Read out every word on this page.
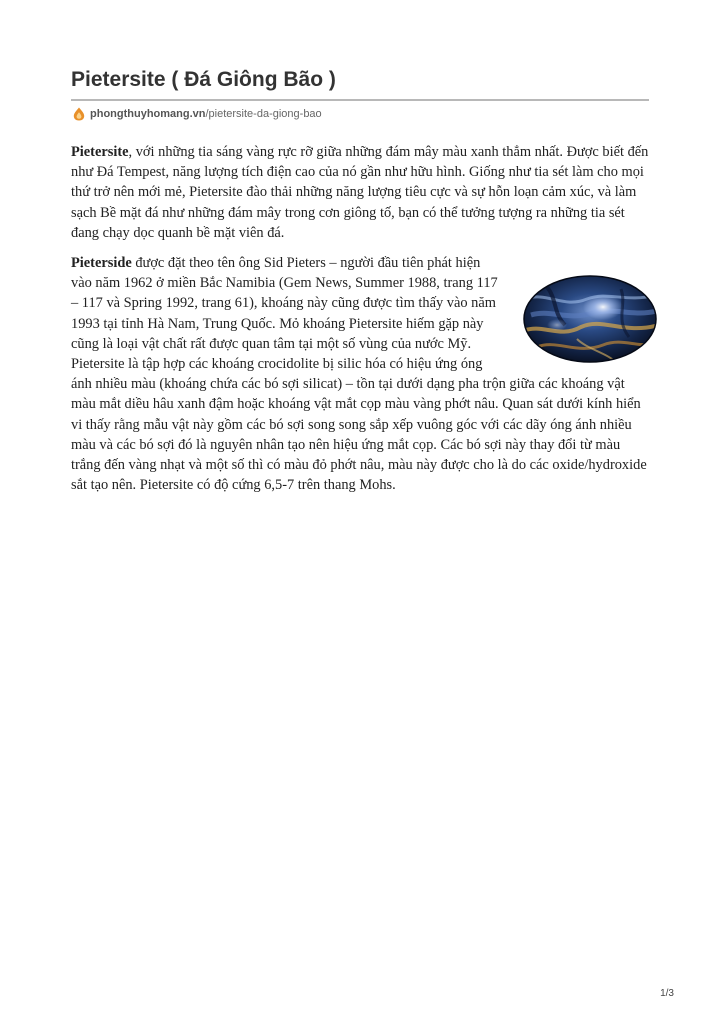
Pietersite ( Đá Giông Bão )
phongthuyhomang.vn /pietersite-da-giong-bao

Pietersite, với những tia sáng vàng rực rỡ giữa những đám mây màu xanh thẳm nhất. Được biết đến như Đá Tempest, năng lượng tích điện cao của nó gần như hữu hình. Giống như tia sét làm cho mọi thứ trở nên mới mẻ, Pietersite đào thải những năng lượng tiêu cực và sự hỗn loạn cảm xúc, và làm sạch Bề mặt đá như những đám mây trong cơn giông tố, bạn có thể tưởng tượng ra những tia sét đang chạy dọc quanh bề mặt viên đá.

Pieterside được đặt theo tên ông Sid Pieters – người đầu tiên phát hiện vào năm 1962 ở miền Bắc Namibia (Gem News, Summer 1988, trang 117 – 117 và Spring 1992, trang 61), khoáng này cũng được tìm thấy vào năm 1993 tại tỉnh Hà Nam, Trung Quốc. Mỏ khoáng Pietersite hiếm gặp này cũng là loại vật chất rất được quan tâm tại một số vùng của nước Mỹ. Pietersite là tập hợp các khoáng crocidolite bị silic hóa có hiệu ứng óng ánh nhiều màu (khoáng chứa các bó sợi silicat) – tồn tại dưới dạng pha trộn giữa các khoáng vật màu mắt diều hâu xanh đậm hoặc khoáng vật mắt cọp màu vàng phớt nâu. Quan sát dưới kính hiển vi thấy rằng mẫu vật này gồm các bó sợi song song sắp xếp vuông góc với các dãy óng ánh nhiều màu và các bó sợi đó là nguyên nhân tạo nên hiệu ứng mắt cọp. Các bó sợi này thay đổi từ màu trắng đến vàng nhạt và một số thì có màu đỏ phớt nâu, màu này được cho là do các oxide/hydroxide sắt tạo nên. Pietersite có độ cứng 6,5-7 trên thang Mohs.

1/3
